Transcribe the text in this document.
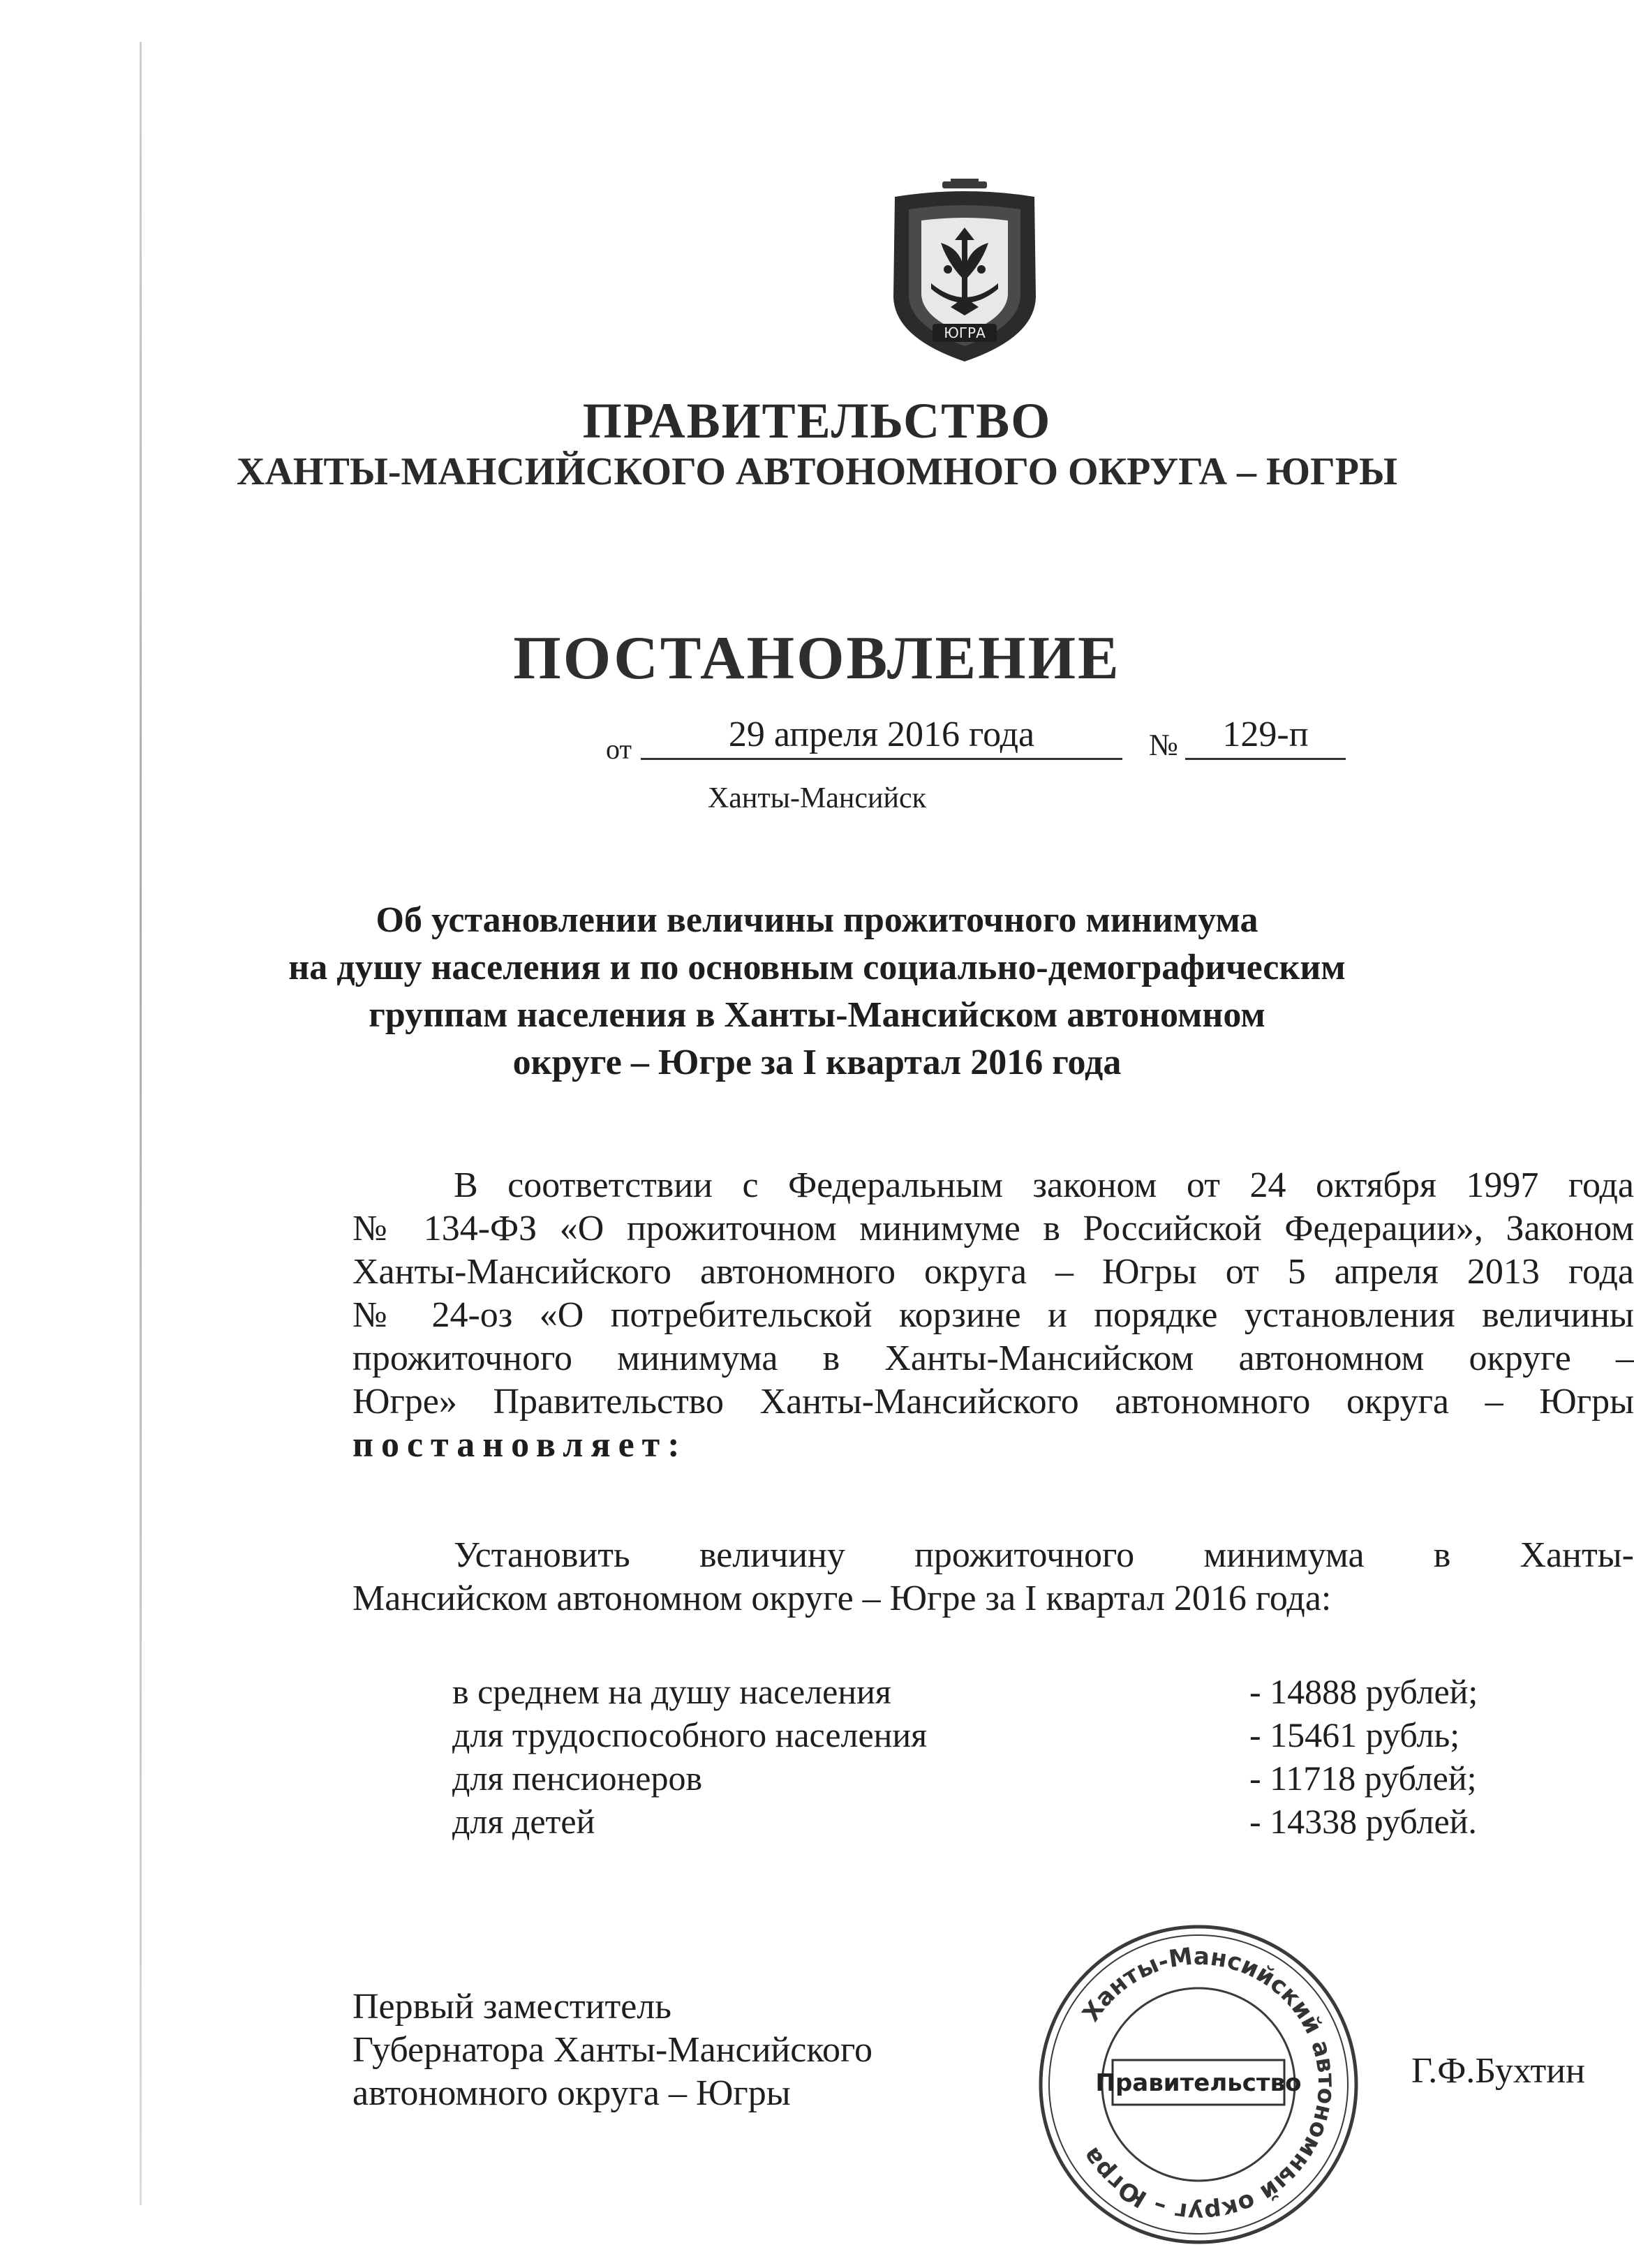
ЮГРА
ПРАВИТЕЛЬСТВО
ХАНТЫ-МАНСИЙСКОГО АВТОНОМНОГО ОКРУГА – ЮГРЫ
ПОСТАНОВЛЕНИЕ
от	29 апреля 2016 года	№	129-п
Ханты-Мансийск
Об установлении величины прожиточного минимума
на душу населения и по основным социально-демографическим
группам населения в Ханты-Мансийском автономном
округе – Югре за I квартал 2016 года
В соответствии с Федеральным законом от 24 октября 1997 года
№ 134-ФЗ «О прожиточном минимуме в Российской Федерации», Законом
Ханты-Мансийского автономного округа – Югры от 5 апреля 2013 года
№ 24-оз «О потребительской корзине и порядке установления величины
прожиточного минимума в Ханты-Мансийском автономном округе –
Югре» Правительство Ханты-Мансийского автономного округа – Югры
постановляет:
Установить величину прожиточного минимума в Ханты-
Мансийском автономном округе – Югре за I квартал 2016 года:
в среднем на душу населения	- 14888 рублей;
для трудоспособного населения	- 15461 рубль;
для пенсионеров	- 11718 рублей;
для детей	- 14338 рублей.
Первый заместитель
Губернатора Ханты-Мансийского
автономного округа – Югры
Ханты-Мансийский автономный округ – Югра
Правительство	Г.Ф.Бухтин
